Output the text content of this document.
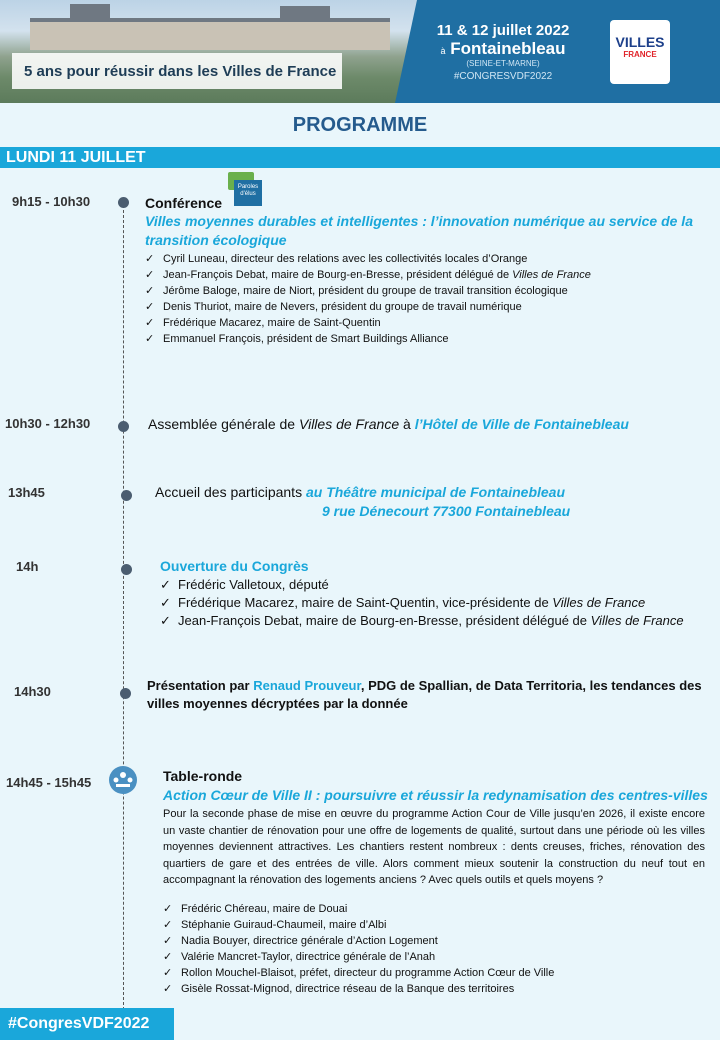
5 ans pour réussir dans les Villes de France
11 & 12 juillet 2022
à Fontainebleau
(SEINE-ET-MARNE)
#CONGRESVDF2022
VILLES
FRANCE
PROGRAMME
LUNDI 11 JUILLET
9h15 - 10h30	Conférence
Paroles d'élus
Villes moyennes durables et intelligentes : l’innovation numérique au service de la transition écologique
✓ Cyril Luneau, directeur des relations avec les collectivités locales d’Orange
✓ Jean-François Debat, maire de Bourg-en-Bresse, président délégué de Villes de France
✓ Jérôme Baloge, maire de Niort, président du groupe de travail transition écologique
✓ Denis Thuriot, maire de Nevers, président du groupe de travail numérique
✓ Frédérique Macarez, maire de Saint-Quentin
✓ Emmanuel François, président de Smart Buildings Alliance
10h30 - 12h30	Assemblée générale de Villes de France à l’Hôtel de Ville de Fontainebleau
13h45	Accueil des participants au Théâtre municipal de Fontainebleau
9 rue Dénecourt 77300 Fontainebleau
14h	Ouverture du Congrès
✓ Frédéric Valletoux, député
✓ Frédérique Macarez, maire de Saint-Quentin, vice-présidente de Villes de France
✓ Jean-François Debat, maire de Bourg-en-Bresse, président délégué de Villes de France
14h30	Présentation par Renaud Prouveur, PDG de Spallian, de Data Territoria, les tendances des villes moyennes décryptées par la donnée
14h45 - 15h45	Table-ronde
Action Cœur de Ville II : poursuivre et réussir la redynamisation des centres-villes
Pour la seconde phase de mise en œuvre du programme Action Cour de Ville jusqu’en 2026, il existe encore un vaste chantier de rénovation pour une offre de logements de qualité, surtout dans une période où les villes moyennes deviennent attractives. Les chantiers restent nombreux : dents creuses, friches, rénovation des quartiers de gare et des entrées de ville. Alors comment mieux soutenir la construction du neuf tout en accompagnant la rénovation des logements anciens ? Avec quels outils et quels moyens ?
✓ Frédéric Chéreau, maire de Douai
✓ Stéphanie Guiraud-Chaumeil, maire d’Albi
✓ Nadia Bouyer, directrice générale d’Action Logement
✓ Valérie Mancret-Taylor, directrice générale de l’Anah
✓ Rollon Mouchel-Blaisot, préfet, directeur du programme Action Cœur de Ville
✓ Gisèle Rossat-Mignod, directrice réseau de la Banque des territoires
#CongresVDF2022
